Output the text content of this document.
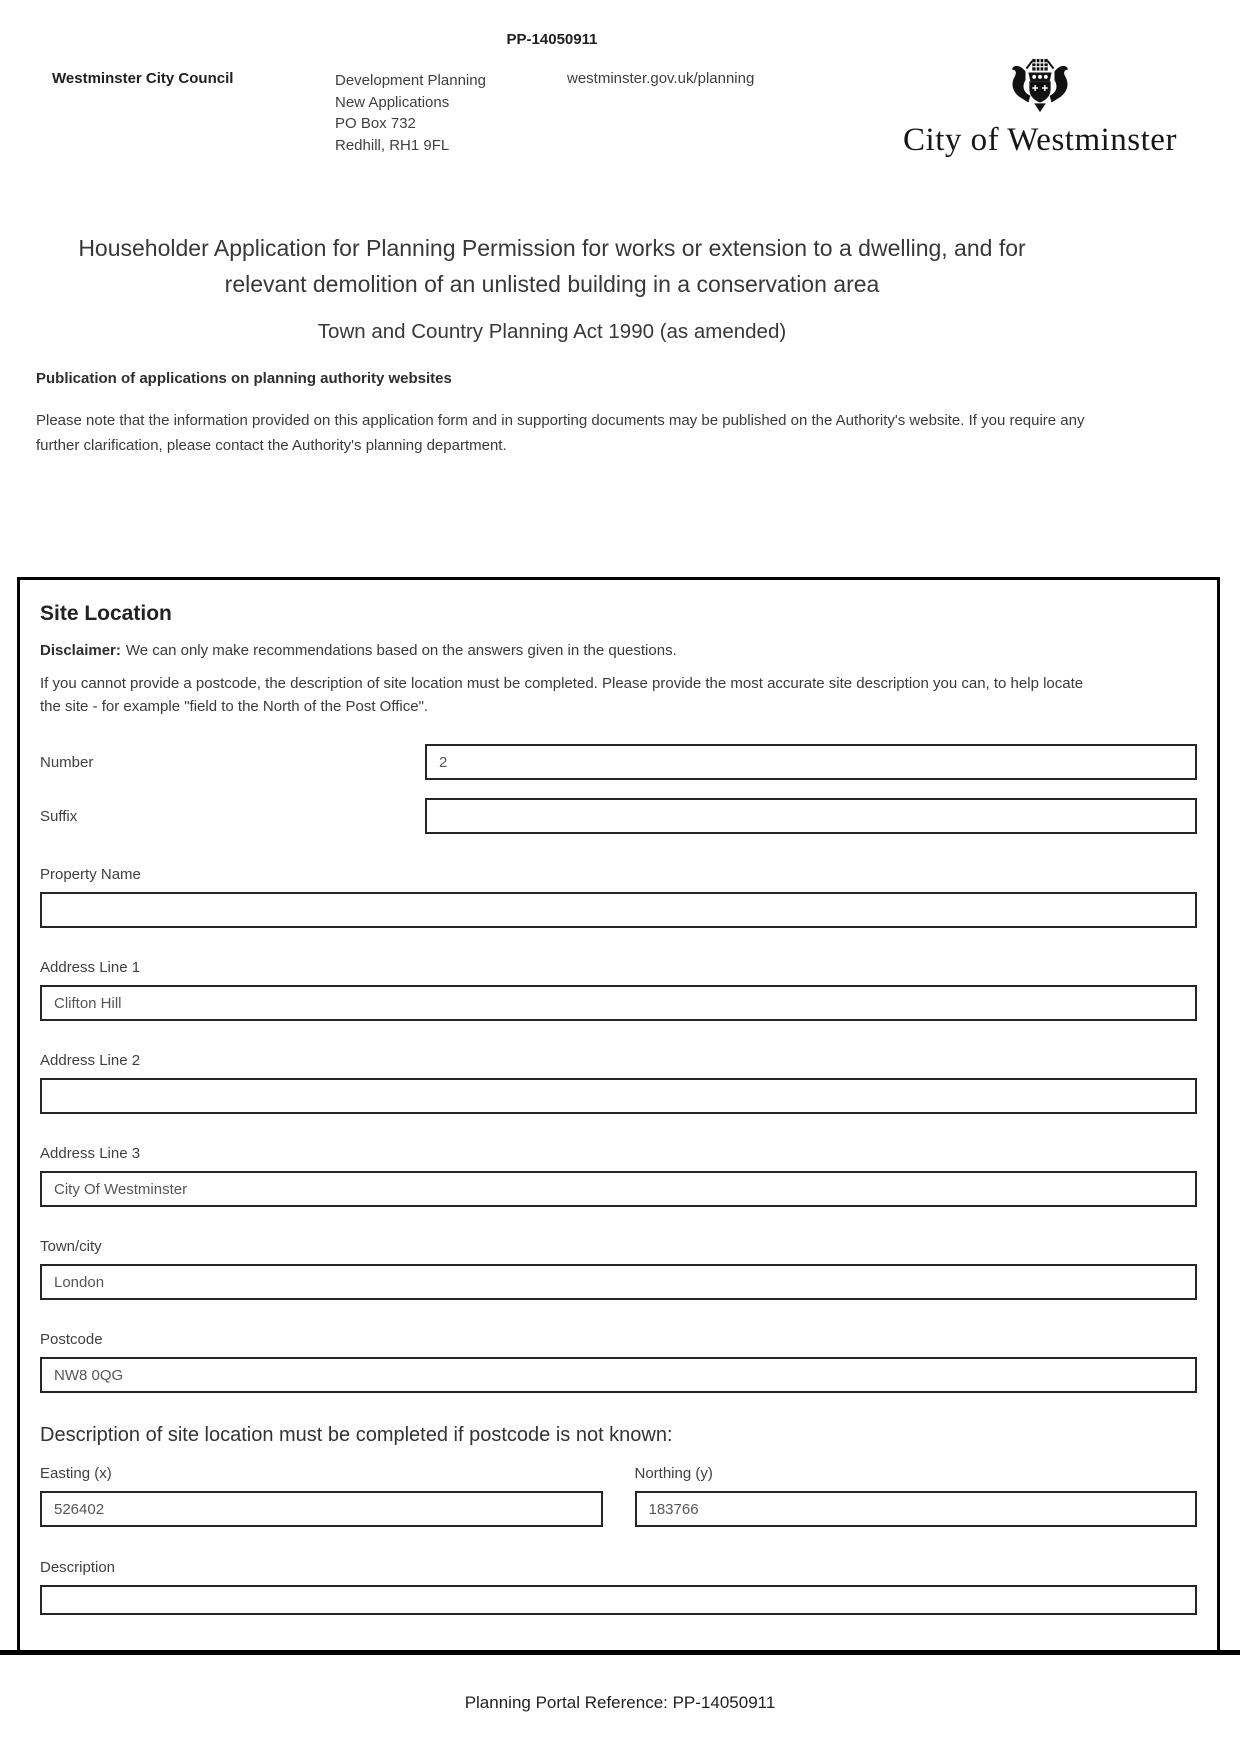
PP-14050911
Westminster City Council	Development Planning
New Applications
PO Box 732
Redhill, RH1 9FL
westminster.gov.uk/planning
City of Westminster
Householder Application for Planning Permission for works or extension to a dwelling, and for
relevant demolition of an unlisted building in a conservation area
Town and Country Planning Act 1990 (as amended)
Publication of applications on planning authority websites
Please note that the information provided on this application form and in supporting documents may be published on the Authority's website. If you require any further clarification, please contact the Authority's planning department.
Site Location

Disclaimer: We can only make recommendations based on the answers given in the questions.

If you cannot provide a postcode, the description of site location must be completed. Please provide the most accurate site description you can, to help locate the site - for example "field to the North of the Post Office".

Number
2
Suffix
Property Name
Address Line 1
Clifton Hill
Address Line 2
Address Line 3
City Of Westminster
Town/city
London
Postcode
NW8 0QG
Description of site location must be completed if postcode is not known:
Easting (x)
526402	Northing (y)
183766
Description
Planning Portal Reference: PP-14050911
